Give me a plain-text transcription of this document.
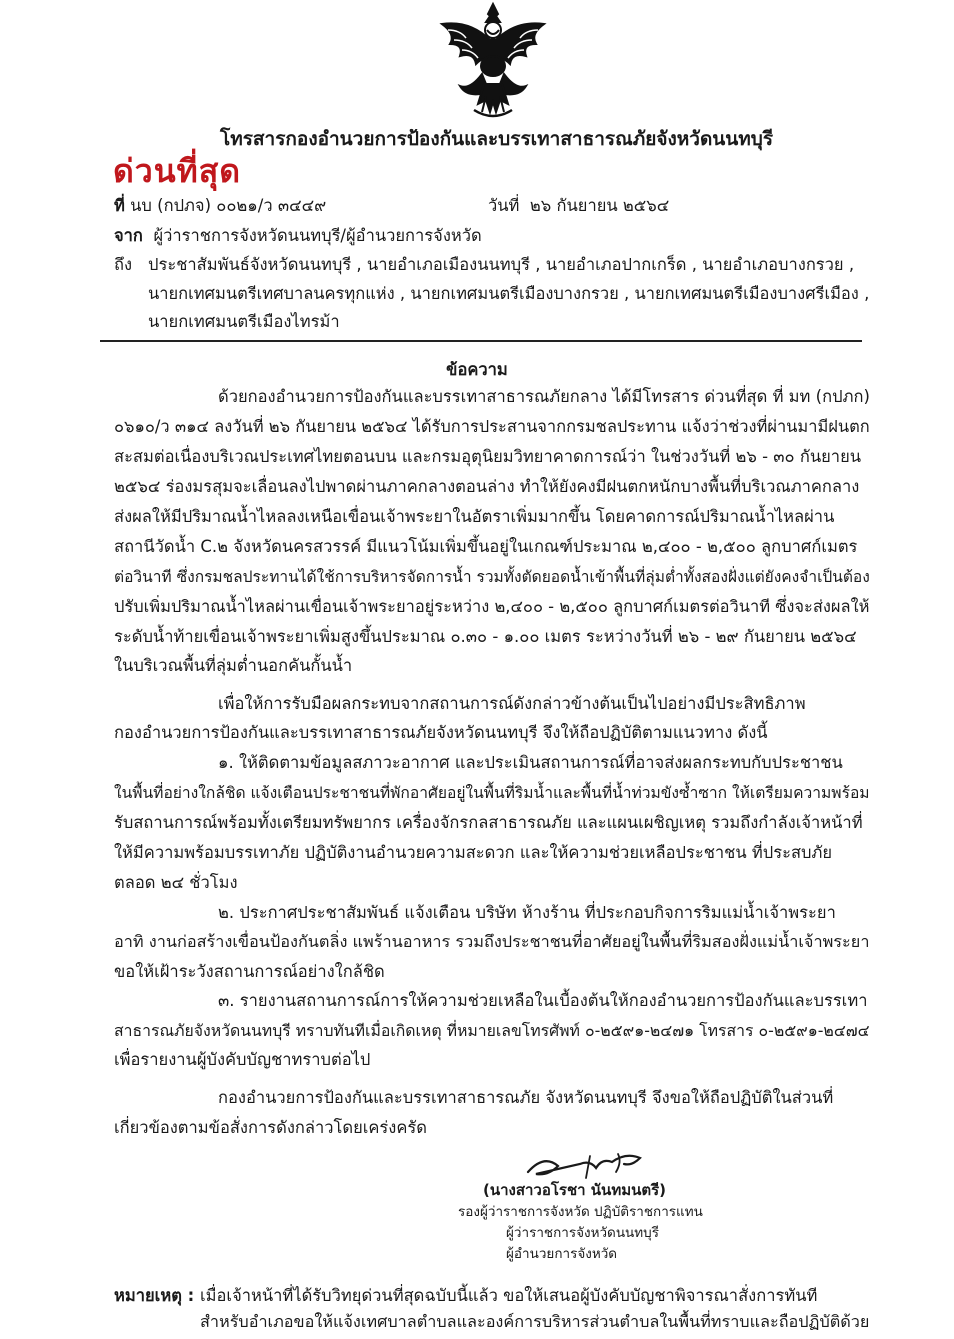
โทรสารกองอำนวยการป้องกันและบรรเทาสาธารณภัยจังหวัดนนทบุรี
ด่วนที่สุด
ที่ นบ (กปภจ) ๐๐๒๑/ว ๓๔๔๙	วันที่ ๒๖ กันยายน ๒๕๖๔
จาก ผู้ว่าราชการจังหวัดนนทบุรี/ผู้อำนวยการจังหวัด
ถึง ประชาสัมพันธ์จังหวัดนนทบุรี , นายอำเภอเมืองนนทบุรี , นายอำเภอปากเกร็ด , นายอำเภอบางกรวย ,
นายกเทศมนตรีเทศบาลนครทุกแห่ง , นายกเทศมนตรีเมืองบางกรวย , นายกเทศมนตรีเมืองบางศรีเมือง ,
นายกเทศมนตรีเมืองไทรม้า
ข้อความ
ด้วยกองอำนวยการป้องกันและบรรเทาสาธารณภัยกลาง ได้มีโทรสาร ด่วนที่สุด ที่ มท (กปภก)
๐๖๑๐/ว ๓๑๔ ลงวันที่ ๒๖ กันยายน ๒๕๖๔ ได้รับการประสานจากกรมชลประทาน แจ้งว่าช่วงที่ผ่านมามีฝนตก
สะสมต่อเนื่องบริเวณประเทศไทยตอนบน และกรมอุตุนิยมวิทยาคาดการณ์ว่า ในช่วงวันที่ ๒๖ - ๓๐ กันยายน
๒๕๖๔ ร่องมรสุมจะเลื่อนลงไปพาดผ่านภาคกลางตอนล่าง ทำให้ยังคงมีฝนตกหนักบางพื้นที่บริเวณภาคกลาง
ส่งผลให้มีปริมาณน้ำไหลลงเหนือเขื่อนเจ้าพระยาในอัตราเพิ่มมากขึ้น โดยคาดการณ์ปริมาณน้ำไหลผ่าน
สถานีวัดน้ำ C.๒ จังหวัดนครสวรรค์ มีแนวโน้มเพิ่มขึ้นอยู่ในเกณฑ์ประมาณ ๒,๔๐๐ - ๒,๕๐๐ ลูกบาศก์เมตร
ต่อวินาที ซึ่งกรมชลประทานได้ใช้การบริหารจัดการน้ำ รวมทั้งตัดยอดน้ำเข้าพื้นที่ลุ่มต่ำทั้งสองฝั่งแต่ยังคงจำเป็นต้อง
ปรับเพิ่มปริมาณน้ำไหลผ่านเขื่อนเจ้าพระยาอยู่ระหว่าง ๒,๔๐๐ - ๒,๕๐๐ ลูกบาศก์เมตรต่อวินาที ซึ่งจะส่งผลให้
ระดับน้ำท้ายเขื่อนเจ้าพระยาเพิ่มสูงขึ้นประมาณ ๐.๓๐ - ๑.๐๐ เมตร ระหว่างวันที่ ๒๖ - ๒๙ กันยายน ๒๕๖๔
ในบริเวณพื้นที่ลุ่มต่ำนอกคันกั้นน้ำ
เพื่อให้การรับมือผลกระทบจากสถานการณ์ดังกล่าวข้างต้นเป็นไปอย่างมีประสิทธิภาพ
กองอำนวยการป้องกันและบรรเทาสาธารณภัยจังหวัดนนทบุรี จึงให้ถือปฏิบัติตามแนวทาง ดังนี้
๑. ให้ติดตามข้อมูลสภาวะอากาศ และประเมินสถานการณ์ที่อาจส่งผลกระทบกับประชาชน
ในพื้นที่อย่างใกล้ชิด แจ้งเตือนประชาชนที่พักอาศัยอยู่ในพื้นที่ริมน้ำและพื้นที่น้ำท่วมขังซ้ำซาก ให้เตรียมความพร้อม
รับสถานการณ์พร้อมทั้งเตรียมทรัพยากร เครื่องจักรกลสาธารณภัย และแผนเผชิญเหตุ รวมถึงกำลังเจ้าหน้าที่
ให้มีความพร้อมบรรเทาภัย ปฏิบัติงานอำนวยความสะดวก และให้ความช่วยเหลือประชาชน ที่ประสบภัย
ตลอด ๒๔ ชั่วโมง
๒. ประกาศประชาสัมพันธ์ แจ้งเตือน บริษัท ห้างร้าน ที่ประกอบกิจการริมแม่น้ำเจ้าพระยา
อาทิ งานก่อสร้างเขื่อนป้องกันตลิ่ง แพร้านอาหาร รวมถึงประชาชนที่อาศัยอยู่ในพื้นที่ริมสองฝั่งแม่น้ำเจ้าพระยา
ขอให้เฝ้าระวังสถานการณ์อย่างใกล้ชิด
๓. รายงานสถานการณ์การให้ความช่วยเหลือในเบื้องต้นให้กองอำนวยการป้องกันและบรรเทา
สาธารณภัยจังหวัดนนทบุรี ทราบทันทีเมื่อเกิดเหตุ ที่หมายเลขโทรศัพท์ ๐-๒๕๙๑-๒๔๗๑ โทรสาร ๐-๒๕๙๑-๒๔๗๔
เพื่อรายงานผู้บังคับบัญชาทราบต่อไป
กองอำนวยการป้องกันและบรรเทาสาธารณภัย จังหวัดนนทบุรี จึงขอให้ถือปฏิบัติในส่วนที่
เกี่ยวข้องตามข้อสั่งการดังกล่าวโดยเคร่งครัด
(นางสาวอโรชา นันทมนตรี)
รองผู้ว่าราชการจังหวัด ปฏิบัติราชการแทน
ผู้ว่าราชการจังหวัดนนทบุรี
ผู้อำนวยการจังหวัด
หมายเหตุ : เมื่อเจ้าหน้าที่ได้รับวิทยุด่วนที่สุดฉบับนี้แล้ว ขอให้เสนอผู้บังคับบัญชาพิจารณาสั่งการทันที
สำหรับอำเภอขอให้แจ้งเทศบาลตำบลและองค์การบริหารส่วนตำบลในพื้นที่ทราบและถือปฏิบัติด้วย
